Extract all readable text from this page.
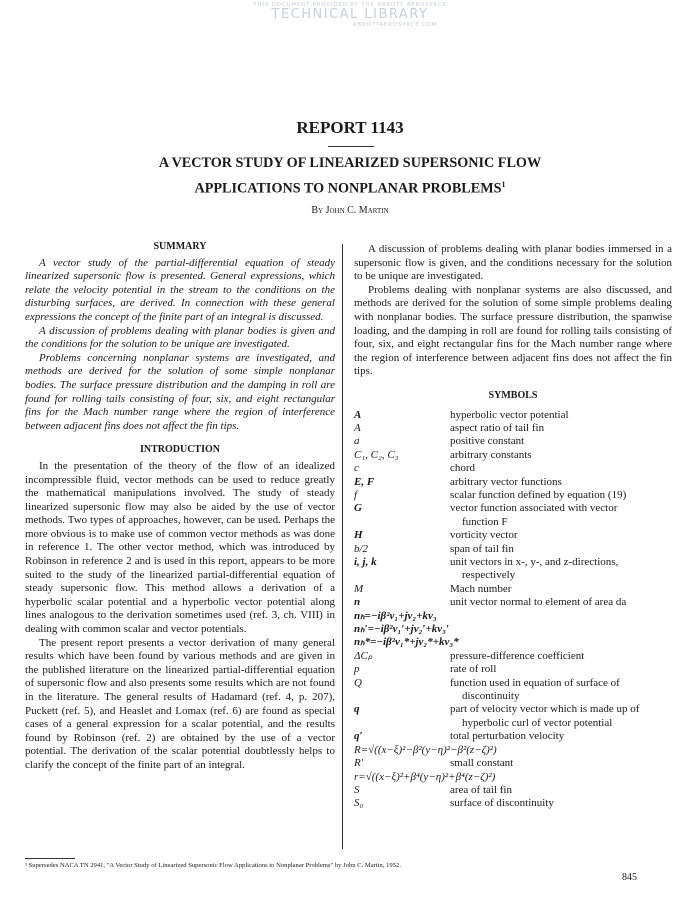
THIS DOCUMENT PROVIDED BY THE ABBOTT AEROSPACE
TECHNICAL LIBRARY
ABBOTTAEROSPACE.COM
REPORT 1143
A VECTOR STUDY OF LINEARIZED SUPERSONIC FLOW
APPLICATIONS TO NONPLANAR PROBLEMS$^1$
By John C. Martin
SUMMARY

A vector study of the partial-differential equation of steady linearized supersonic flow is presented. General expressions, which relate the velocity potential in the stream to the conditions on the disturbing surfaces, are derived. In connection with these general expressions the concept of the finite part of an integral is discussed.

A discussion of problems dealing with planar bodies is given and the conditions for the solution to be unique are investigated.

Problems concerning nonplanar systems are investigated, and methods are derived for the solution of some simple nonplanar bodies. The surface pressure distribution and the damping in roll are found for rolling tails consisting of four, six, and eight rectangular fins for the Mach number range where the region of interference between adjacent fins does not affect the fin tips.

INTRODUCTION

In the presentation of the theory of the flow of an idealized incompressible fluid, vector methods can be used to reduce greatly the mathematical manipulations involved. The study of steady linearized supersonic flow may also be aided by the use of vector methods. Two types of approaches, however, can be used. Perhaps the more obvious is to make use of common vector methods as was done in reference 1. The other vector method, which was introduced by Robinson in reference 2 and is used in this report, appears to be more suited to the study of the linearized partial-differential equation of steady supersonic flow. This method allows a derivation of a hyperbolic scalar potential and a hyperbolic vector potential along lines analogous to the derivation sometimes used (ref. 3, ch. VIII) in dealing with common scalar and vector potentials.

The present report presents a vector derivation of many general results which have been found by various methods and are given in the published literature on the linearized partial-differential equation of supersonic flow and also presents some results which are not found in the literature. The general results of Hadamard (ref. 4, p. 207), Puckett (ref. 5), and Heaslet and Lomax (ref. 6) are found as special cases of a general expression for a scalar potential, and the results found by Robinson (ref. 2) are obtained by the use of a vector potential. The derivation of the scalar potential doubtlessly helps to clarify the concept of the finite part of an integral.

A discussion of problems dealing with planar bodies immersed in a supersonic flow is given, and the conditions necessary for the solution to be unique are investigated.

Problems dealing with nonplanar systems are also discussed, and methods are derived for the solution of some simple problems dealing with nonplanar bodies. The surface pressure distribution, the spanwise loading, and the damping in roll are found for rolling tails consisting of four, six, and eight rectangular fins for the Mach number range where the region of interference between adjacent fins does not affect the fin tips.

SYMBOLS
A	hyperbolic vector potential
A	aspect ratio of tail fin
a	positive constant
C₁, C₂, C₃	arbitrary constants
c	chord
E, F	arbitrary vector functions
f	scalar function defined by equation (19)
G	vector function associated with vector
function F

H	vorticity vector
b/2	span of tail fin
i, j, k	unit vectors in x-, y-, and z-directions,
respectively

M	Mach number
n	unit vector normal to element of area da
nₕ=−iβ²ν₁+jν₂+kν₃	
nₕ′=−iβ²ν₁′+jν₂′+kν₃′	
nₕ*=−iβ²ν₁*+jν₂*+kν₃*	
ΔCₚ	pressure-difference coefficient
p	rate of roll
Q	function used in equation of surface of
discontinuity

q	part of velocity vector which is made up of
hyperbolic curl of vector potential

q′	total perturbation velocity
R=√((x−ξ)²−β²(y−η)²−β²(z−ζ)²)	
R′	small constant
r=√((x−ξ)²+β⁴(y−η)²+β⁴(z−ζ)²)	
S	area of tail fin
S₀	surface of discontinuity
¹ Supersedes NACA TN 2941, "A Vector Study of Linearized Supersonic Flow Applications to Nonplanar Problems" by John C. Martin, 1952.
845
